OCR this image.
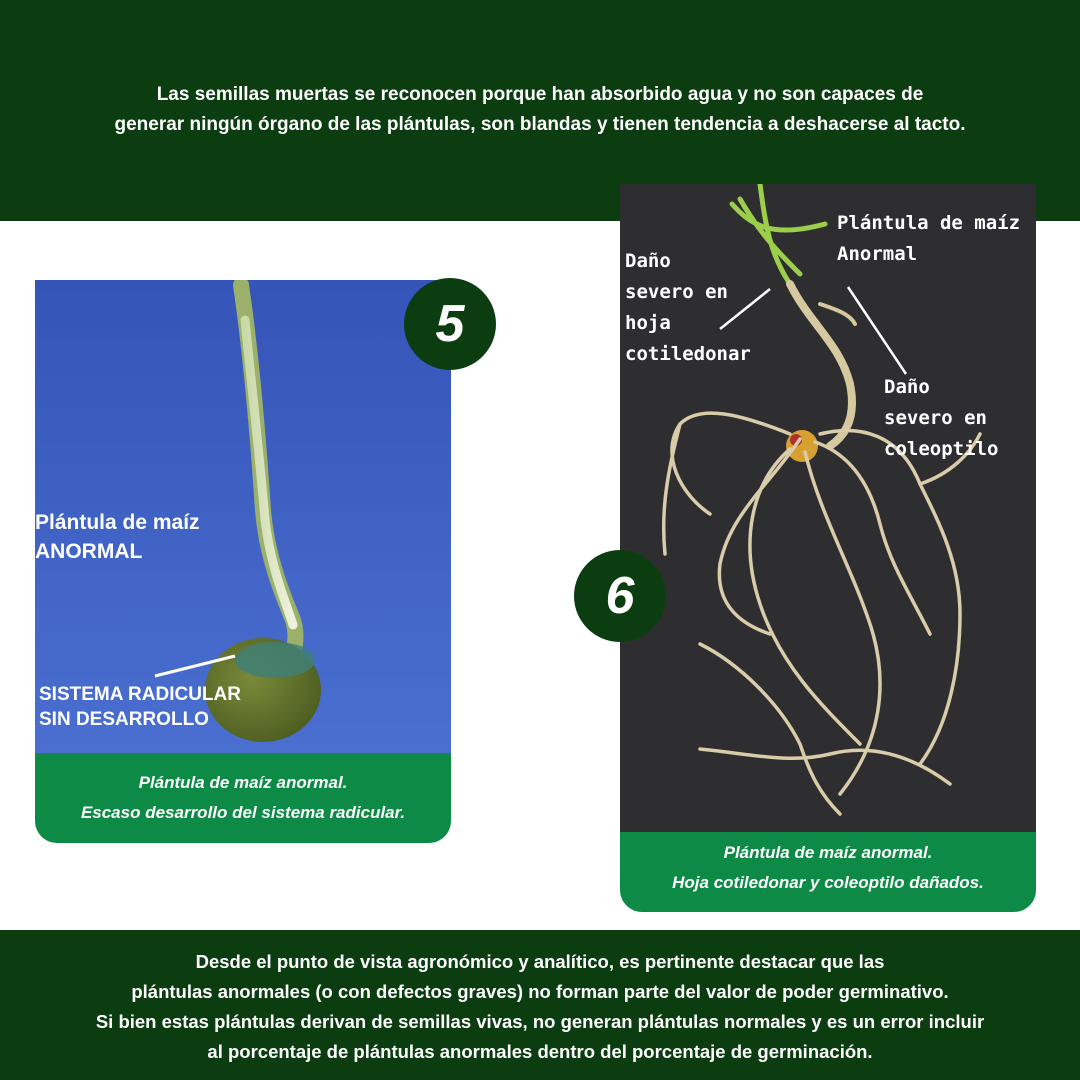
Las semillas muertas se reconocen porque han absorbido agua y no son capaces de
generar ningún órgano de las plántulas, son blandas y tienen tendencia a deshacerse al tacto.
Plántula de maíz
ANORMAL
SISTEMA RADICULAR
SIN DESARROLLO
Plántula de maíz anormal.
Escaso desarrollo del sistema radicular.
5
Plántula de maíz
Anormal
Daño
severo en
hoja
cotiledonar
Daño
severo en
coleoptilo
Plántula de maíz anormal.
Hoja cotiledonar y coleoptilo dañados.
6
Desde el punto de vista agronómico y analítico, es pertinente destacar que las
plántulas anormales (o con defectos graves) no forman parte del valor de poder germinativo.
Si bien estas plántulas derivan de semillas vivas, no generan plántulas normales y es un error incluir
al porcentaje de plántulas anormales dentro del porcentaje de germinación.
